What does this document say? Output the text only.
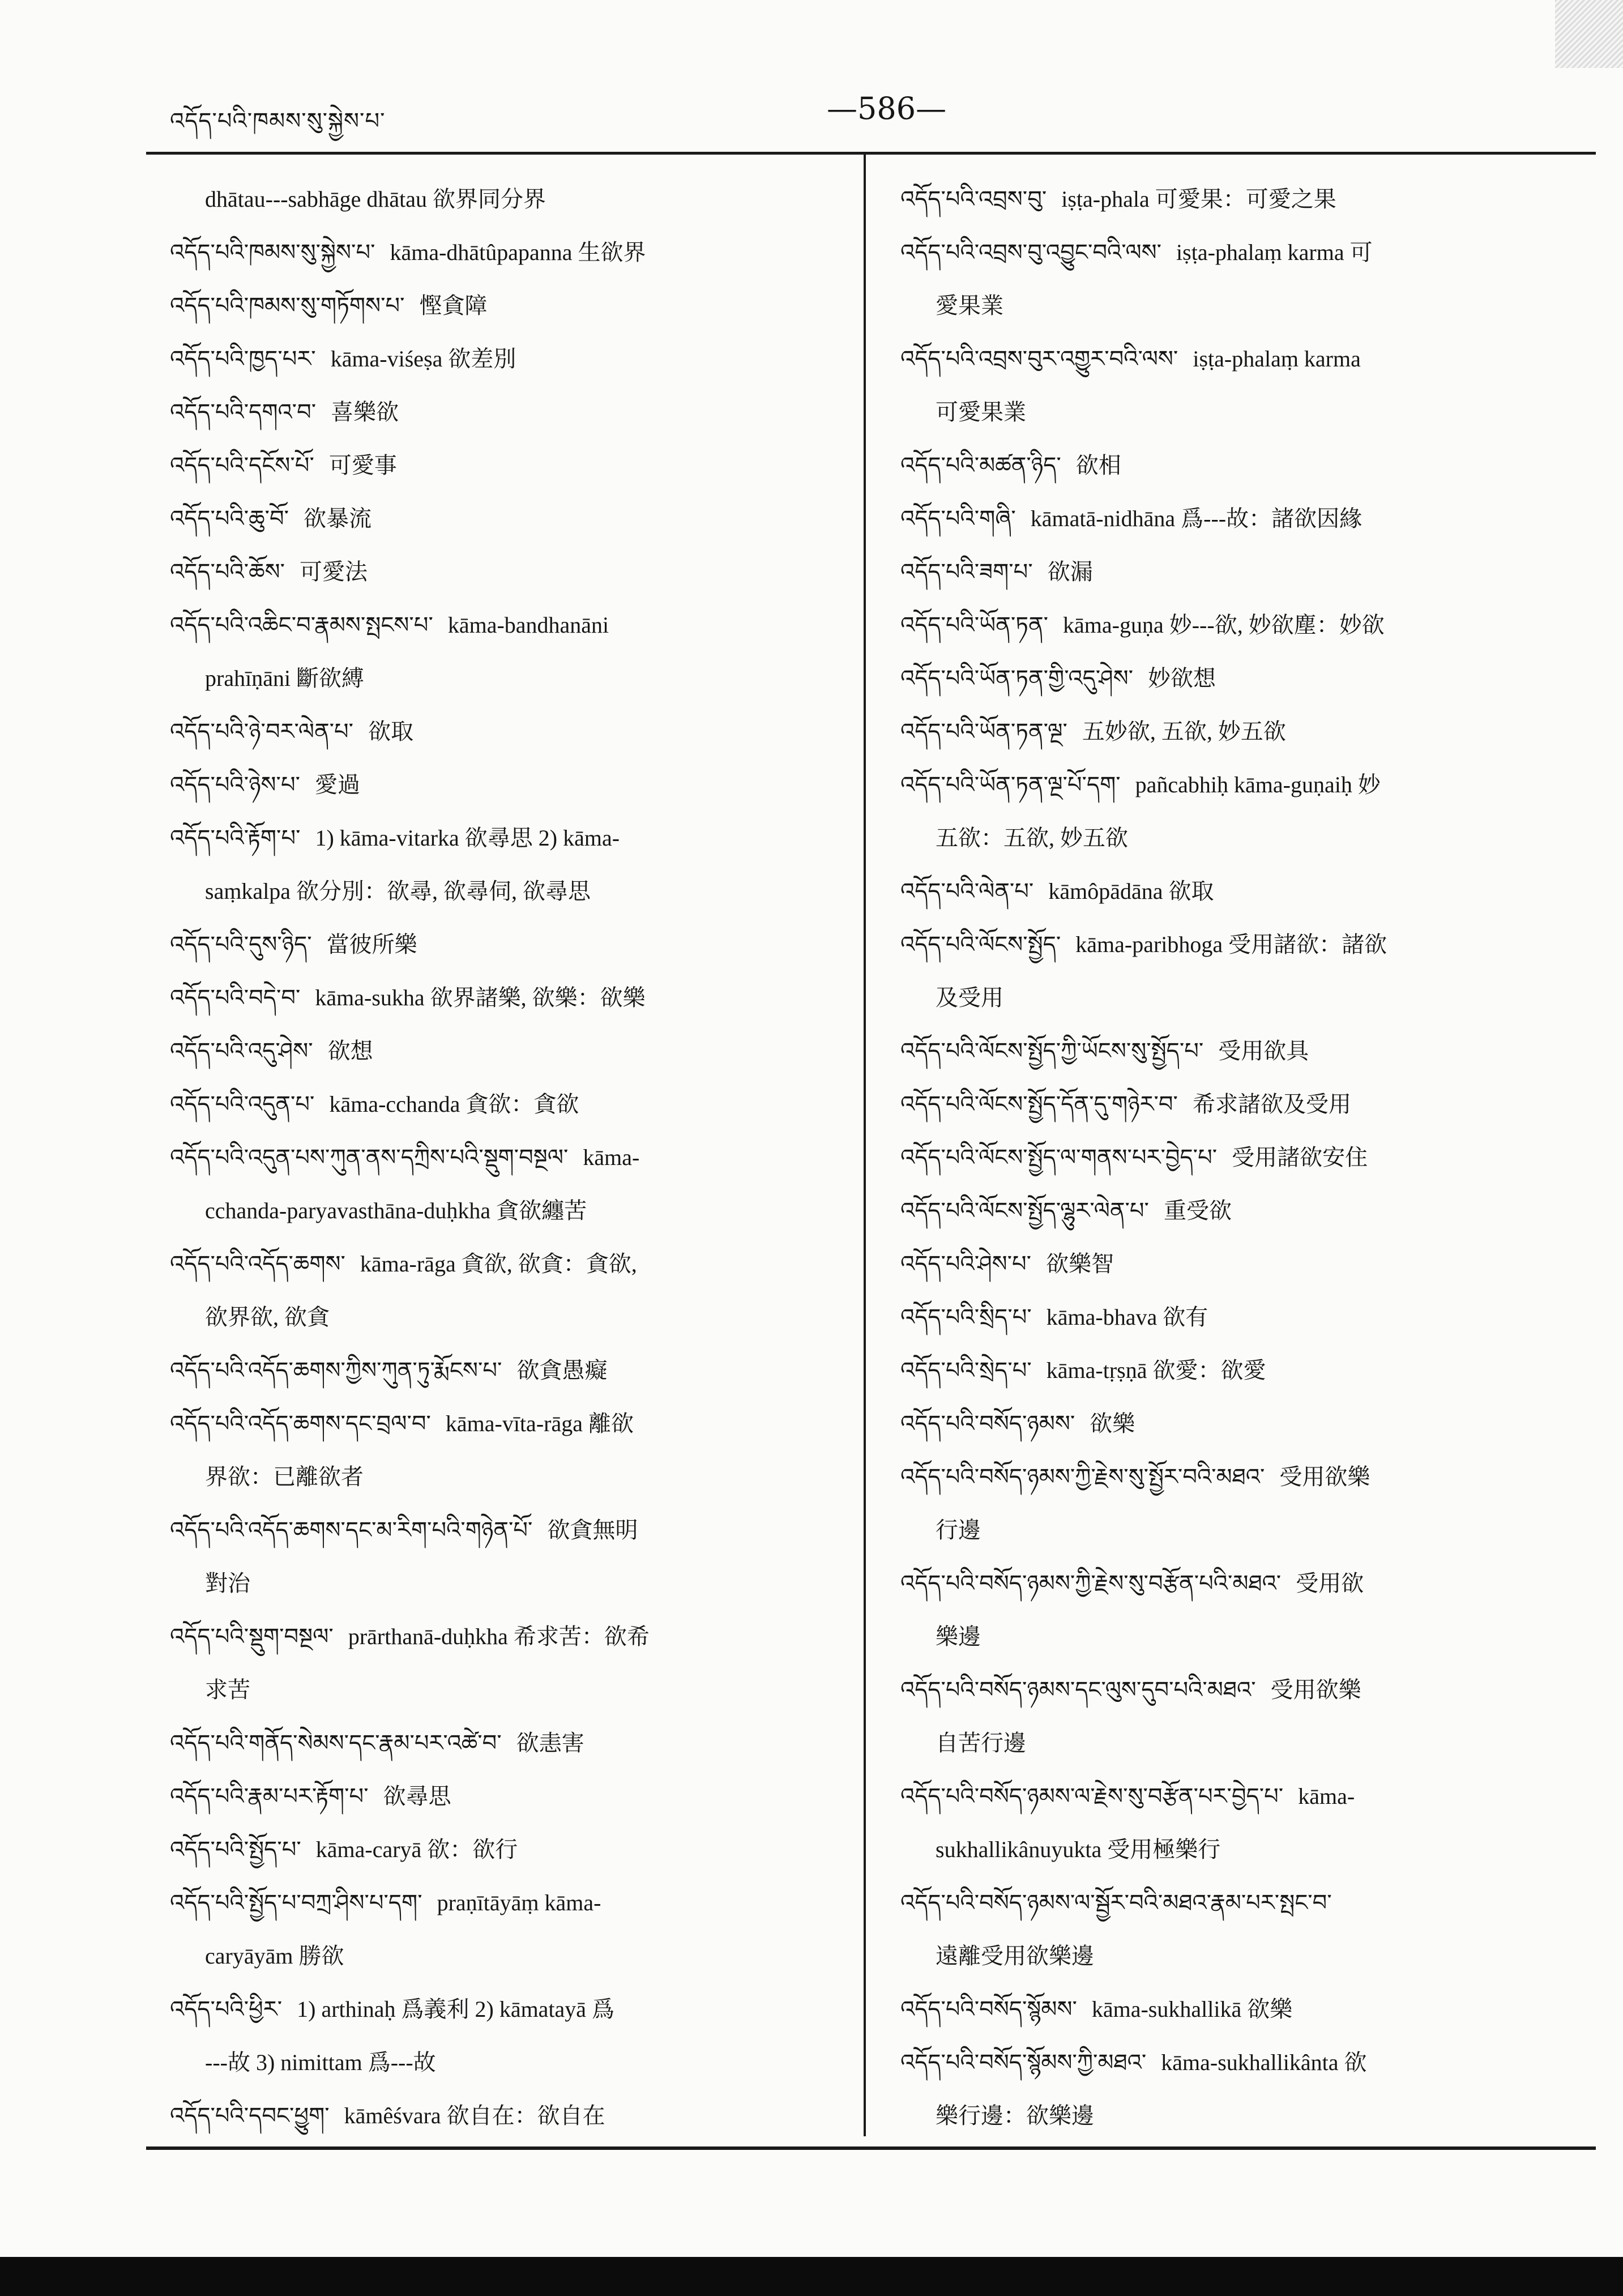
འདོད་པའི་ཁམས་སུ་སྐྱེས་པ་	—586—
dhātau---sabhāge dhātau 欲界同分界
འདོད་པའི་ཁམས་སུ་སྐྱེས་པ་ kāma-dhātûpapanna 生欲界
འདོད་པའི་ཁམས་སུ་གཏོགས་པ་ 慳貪障
འདོད་པའི་ཁྱད་པར་ kāma-viśeṣa 欲差別
འདོད་པའི་དགའ་བ་ 喜樂欲
འདོད་པའི་དངོས་པོ་ 可愛事
འདོད་པའི་ཆུ་བོ་ 欲暴流
འདོད་པའི་ཆོས་ 可愛法
འདོད་པའི་འཆིང་བ་རྣམས་སྤངས་པ་ kāma-bandhanāni
prahīṇāni 斷欲縛
འདོད་པའི་ཉེ་བར་ལེན་པ་ 欲取
འདོད་པའི་ཉེས་པ་ 愛過
འདོད་པའི་རྟོག་པ་ 1) kāma-vitarka 欲尋思 2) kāma-
saṃkalpa 欲分別：欲尋, 欲尋伺, 欲尋思
འདོད་པའི་དུས་ཉིད་ 當彼所樂
འདོད་པའི་བདེ་བ་ kāma-sukha 欲界諸樂, 欲樂：欲樂
འདོད་པའི་འདུ་ཤེས་ 欲想
འདོད་པའི་འདུན་པ་ kāma-cchanda 貪欲：貪欲
འདོད་པའི་འདུན་པས་ཀུན་ནས་དཀྲིས་པའི་སྡུག་བསྔལ་ kāma-
cchanda-paryavasthāna-duḥkha 貪欲纏苦
འདོད་པའི་འདོད་ཆགས་ kāma-rāga 貪欲, 欲貪：貪欲,
欲界欲, 欲貪
འདོད་པའི་འདོད་ཆགས་ཀྱིས་ཀུན་ཏུ་རྨོངས་པ་ 欲貪愚癡
འདོད་པའི་འདོད་ཆགས་དང་བྲལ་བ་ kāma-vīta-rāga 離欲
界欲：已離欲者
འདོད་པའི་འདོད་ཆགས་དང་མ་རིག་པའི་གཉེན་པོ་ 欲貪無明
對治
འདོད་པའི་སྡུག་བསྔལ་ prārthanā-duḥkha 希求苦：欲希
求苦
འདོད་པའི་གནོད་སེམས་དང་རྣམ་པར་འཚེ་བ་ 欲恚害
འདོད་པའི་རྣམ་པར་རྟོག་པ་ 欲尋思
འདོད་པའི་སྤྱོད་པ་ kāma-caryā 欲：欲行
འདོད་པའི་སྤྱོད་པ་བཀྲ་ཤིས་པ་དག་ praṇītāyāṃ kāma-
caryāyām 勝欲
འདོད་པའི་ཕྱིར་ 1) arthinaḥ 爲義利 2) kāmatayā 爲
---故 3) nimittam 爲---故
འདོད་པའི་དབང་ཕྱུག་ kāmêśvara 欲自在：欲自在
འདོད་པའི་འབྲས་བུ་ iṣṭa-phala 可愛果：可愛之果
འདོད་པའི་འབྲས་བུ་འབྱུང་བའི་ལས་ iṣṭa-phalaṃ karma 可
愛果業
འདོད་པའི་འབྲས་བུར་འགྱུར་བའི་ལས་ iṣṭa-phalaṃ karma
可愛果業
འདོད་པའི་མཚན་ཉིད་ 欲相
འདོད་པའི་གཞི་ kāmatā-nidhāna 爲---故：諸欲因緣
འདོད་པའི་ཟག་པ་ 欲漏
འདོད་པའི་ཡོན་ཏན་ kāma-guṇa 妙---欲, 妙欲塵：妙欲
འདོད་པའི་ཡོན་ཏན་གྱི་འདུ་ཤེས་ 妙欲想
འདོད་པའི་ཡོན་ཏན་ལྔ་ 五妙欲, 五欲, 妙五欲
འདོད་པའི་ཡོན་ཏན་ལྔ་པོ་དག་ pañcabhiḥ kāma-guṇaiḥ 妙
五欲：五欲, 妙五欲
འདོད་པའི་ལེན་པ་ kāmôpādāna 欲取
འདོད་པའི་ལོངས་སྤྱོད་ kāma-paribhoga 受用諸欲：諸欲
及受用
འདོད་པའི་ལོངས་སྤྱོད་ཀྱི་ཡོངས་སུ་སྤྱོད་པ་ 受用欲具
འདོད་པའི་ལོངས་སྤྱོད་དོན་དུ་གཉེར་བ་ 希求諸欲及受用
འདོད་པའི་ལོངས་སྤྱོད་ལ་གནས་པར་བྱེད་པ་ 受用諸欲安住
འདོད་པའི་ལོངས་སྤྱོད་ལྷུར་ལེན་པ་ 重受欲
འདོད་པའི་ཤེས་པ་ 欲樂智
འདོད་པའི་སྲིད་པ་ kāma-bhava 欲有
འདོད་པའི་སྲེད་པ་ kāma-tṛṣṇā 欲愛：欲愛
འདོད་པའི་བསོད་ཉམས་ 欲樂
འདོད་པའི་བསོད་ཉམས་ཀྱི་རྗེས་སུ་སྤྱོར་བའི་མཐའ་ 受用欲樂
行邊
འདོད་པའི་བསོད་ཉམས་ཀྱི་རྗེས་སུ་བརྩོན་པའི་མཐའ་ 受用欲
樂邊
འདོད་པའི་བསོད་ཉམས་དང་ལུས་དུབ་པའི་མཐའ་ 受用欲樂
自苦行邊
འདོད་པའི་བསོད་ཉམས་ལ་རྗེས་སུ་བརྩོན་པར་བྱེད་པ་ kāma-
sukhallikânuyukta 受用極樂行
འདོད་པའི་བསོད་ཉམས་ལ་སྦྱོར་བའི་མཐའ་རྣམ་པར་སྤང་བ་
遠離受用欲樂邊
འདོད་པའི་བསོད་སྙོམས་ kāma-sukhallikā 欲樂
འདོད་པའི་བསོད་སྙོམས་ཀྱི་མཐའ་ kāma-sukhallikânta 欲
樂行邊：欲樂邊
